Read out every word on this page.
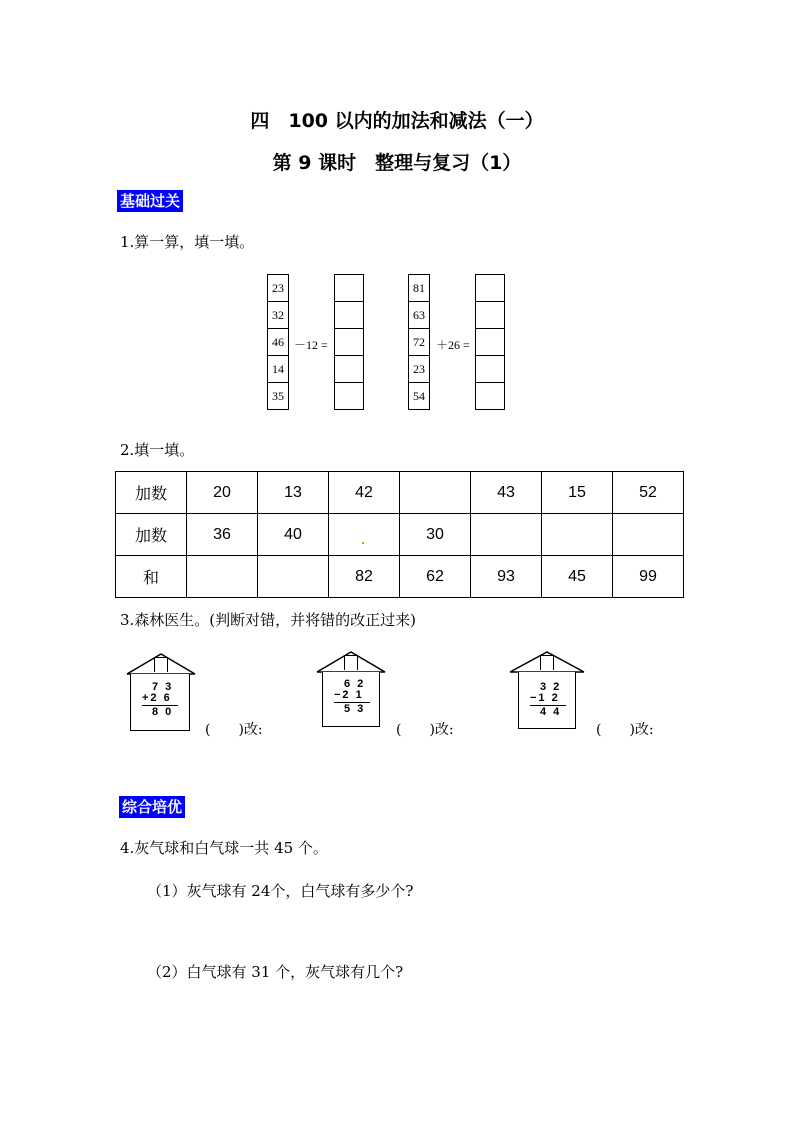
四　100 以内的加法和减法（一）
第 9 课时　整理与复习（1）
基础过关
1.算一算，填一填。
23
32
46
14
35
－12 =
81
63
72
23
54
＋26 =
2.填一填。
加数	20	13	42		43	15	52
加数	36	40		30			
和			82	62	93	45	99
3.森林医生。(判断对错，并将错的改正过来)
7 3
+2 6
8 0
(　　)改:
6 2
−2 1
5 3
(　　)改:
3 2
−1 2
4 4
(　　)改:
综合培优
4.灰气球和白气球一共 45 个。
（1）灰气球有 24个，白气球有多少个?
（2）白气球有 31 个，灰气球有几个?
